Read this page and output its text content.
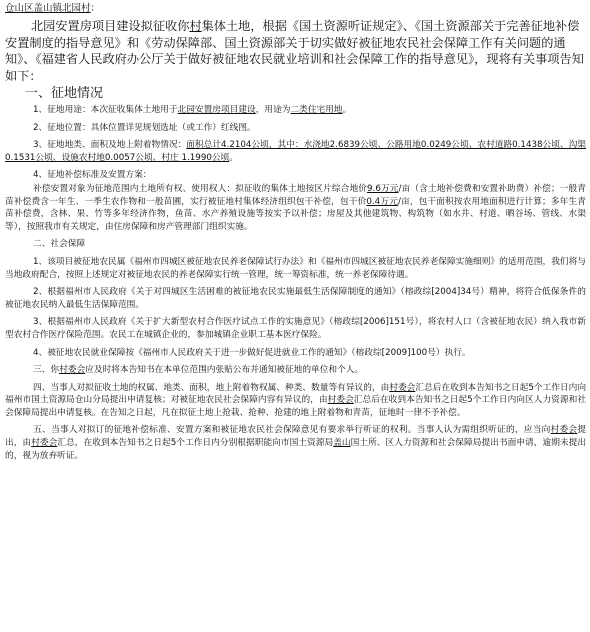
仓山区盖山镇北园村：
北园安置房项目建设拟征收你村集体土地，根据《国土资源听证规定》、《国土资源部关于完善征地补偿安置制度的指导意见》和《劳动保障部、国土资源部关于切实做好被征地农民社会保障工作有关问题的通知》、《福建省人民政府办公厅关于做好被征地农民就业培训和社会保障工作的指导意见》，现将有关事项告知如下：
一、征地情况
1、征地用途：本次征收集体土地用于北园安置房项目建设，用途为二类住宅用地。
2、征地位置：具体位置详见规划选址（或工作）红线图。
3、征地地类、面积及地上附着物情况：面积总计4.2104公顷，其中：水浇地2.6839公顷、公路用地0.0249公顷、农村道路0.1438公顷、沟渠0.1531公顷、设施农村地0.0057公顷、村庄 1.1990公顷。
4、征地补偿标准及安置方案：
补偿安置对象为征地范围内土地所有权、使用权人：拟征收的集体土地按区片综合地价9.6万元/亩（含土地补偿费和安置补助费）补偿；一般青苗补偿费含一年生、一季生农作物和一般苗圃，实行被征地村集体经济组织包干补偿，包干价0.4万元/亩，包干面积按农用地面积进行计算；多年生青苗补偿费，含林、果、竹等多年经济作物，鱼苗、水产养殖设施等按实予以补偿；房屋及其他建筑物、构筑物（如水井、村道、晒谷场、管线、水渠等），按照我市有关规定，由住房保障和房产管理部门组织实施。
二、社会保障
1、该项目被征地农民属《福州市四城区被征地农民养老保障试行办法》和《福州市四城区被征地农民养老保障实施细则》的适用范围，我们将与当地政府配合，按照上述规定对被征地农民的养老保障实行统一管理，统一筹资标准，统一养老保障待遇。
2、根据福州市人民政府《关于对四城区生活困难的被征地农民实施最低生活保障制度的通知》（榕政综[2004]34号）精神，将符合低保条件的被征地农民纳入最低生活保障范围。
3、根据福州市人民政府《关于扩大新型农村合作医疗试点工作的实施意见》（榕政综[2006]151号），将农村人口（含被征地农民）纳入我市新型农村合作医疗保险范围。农民工在城镇企业的，参加城镇企业职工基本医疗保险。
4、被征地农民就业保障按《福州市人民政府关于进一步做好促进就业工作的通知》（榕政综[2009]100号）执行。
三、你村委会应及时将本告知书在本单位范围内张贴公布并通知被征地的单位和个人。
四、当事人对拟征收土地的权属、地类、面积，地上附着物权属、种类、数量等有异议的，由村委会汇总后在收到本告知书之日起5个工作日内向福州市国土资源局仓山分局提出申请复核；对被征地农民社会保障内容有异议的，由村委会汇总后在收到本告知书之日起5个工作日内向区人力资源和社会保障局提出申请复核。在告知之日起，凡在拟征土地上抢栽、抢种、抢建的地上附着物和青苗，征地时一律不予补偿。
五、当事人对拟订的征地补偿标准、安置方案和被征地农民社会保障意见有要求举行听证的权利。当事人认为需组织听证的，应当向村委会提出，由村委会汇总，在收到本告知书之日起5个工作日内分别根据职能向市国土资源局盖山国土所、区人力资源和社会保障局提出书面申请，逾期未提出的，视为放弃听证。
